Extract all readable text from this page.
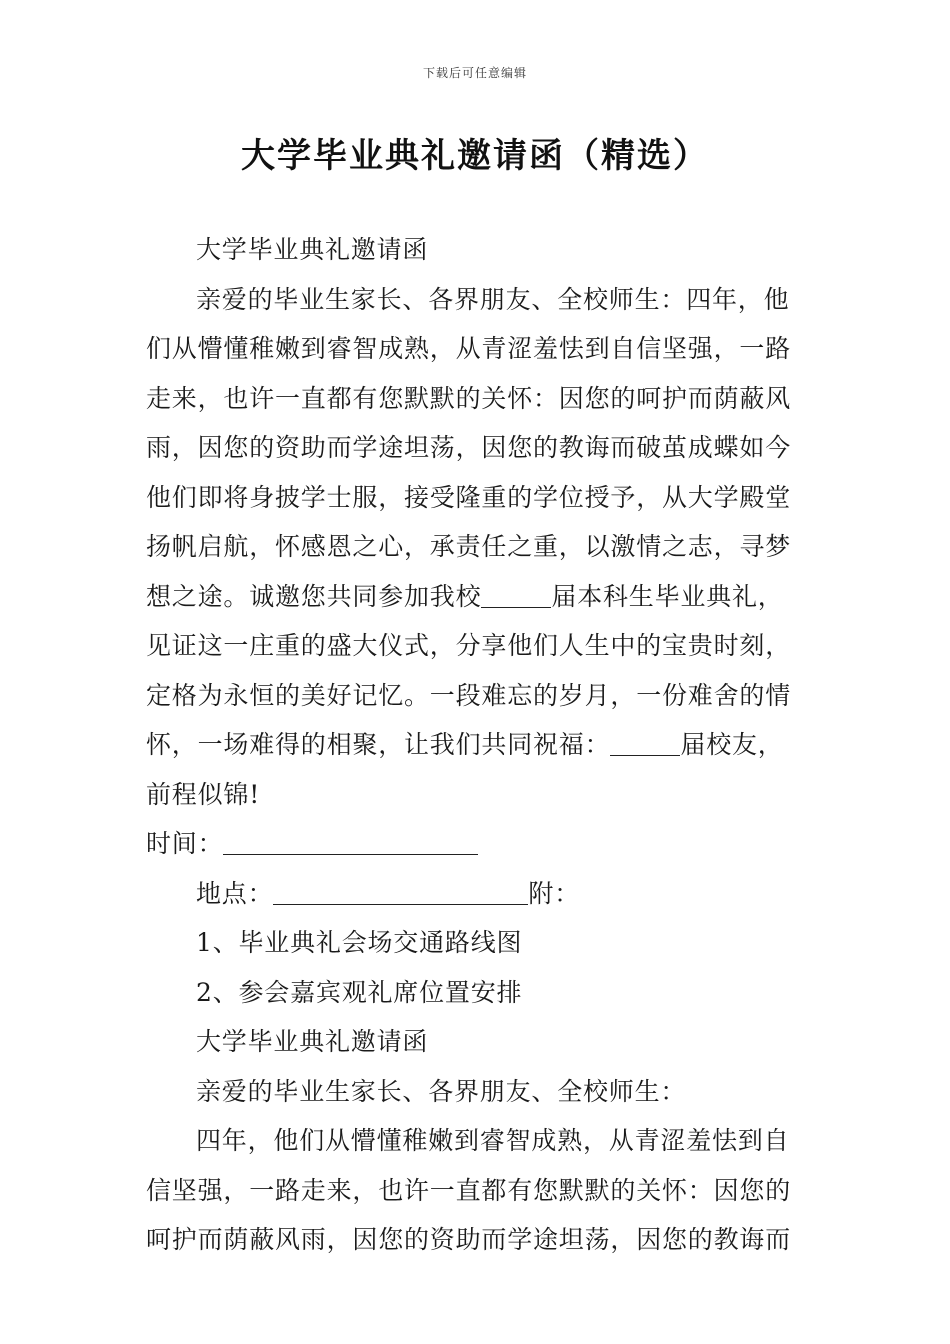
下载后可任意编辑
大学毕业典礼邀请函（精选）

大学毕业典礼邀请函

亲爱的毕业生家长、各界朋友、全校师生：四年，他们从懵懂稚嫩到睿智成熟，从青涩羞怯到自信坚强，一路走来，也许一直都有您默默的关怀：因您的呵护而荫蔽风雨，因您的资助而学途坦荡，因您的教诲而破茧成蝶如今他们即将身披学士服，接受隆重的学位授予，从大学殿堂扬帆启航，怀感恩之心，承责任之重，以激情之志，寻梦想之途。诚邀您共同参加我校	届本科生毕业典礼，见证这一庄重的盛大仪式，分享他们人生中的宝贵时刻，定格为永恒的美好记忆。一段难忘的岁月，一份难舍的情怀，一场难得的相聚，让我们共同祝福：	届校友，前程似锦!
时间：

地点：	附：

1、毕业典礼会场交通路线图

2、参会嘉宾观礼席位置安排

大学毕业典礼邀请函

亲爱的毕业生家长、各界朋友、全校师生：

四年，他们从懵懂稚嫩到睿智成熟，从青涩羞怯到自信坚强，一路走来，也许一直都有您默默的关怀：因您的呵护而荫蔽风雨，因您的资助而学途坦荡，因您的教诲而
